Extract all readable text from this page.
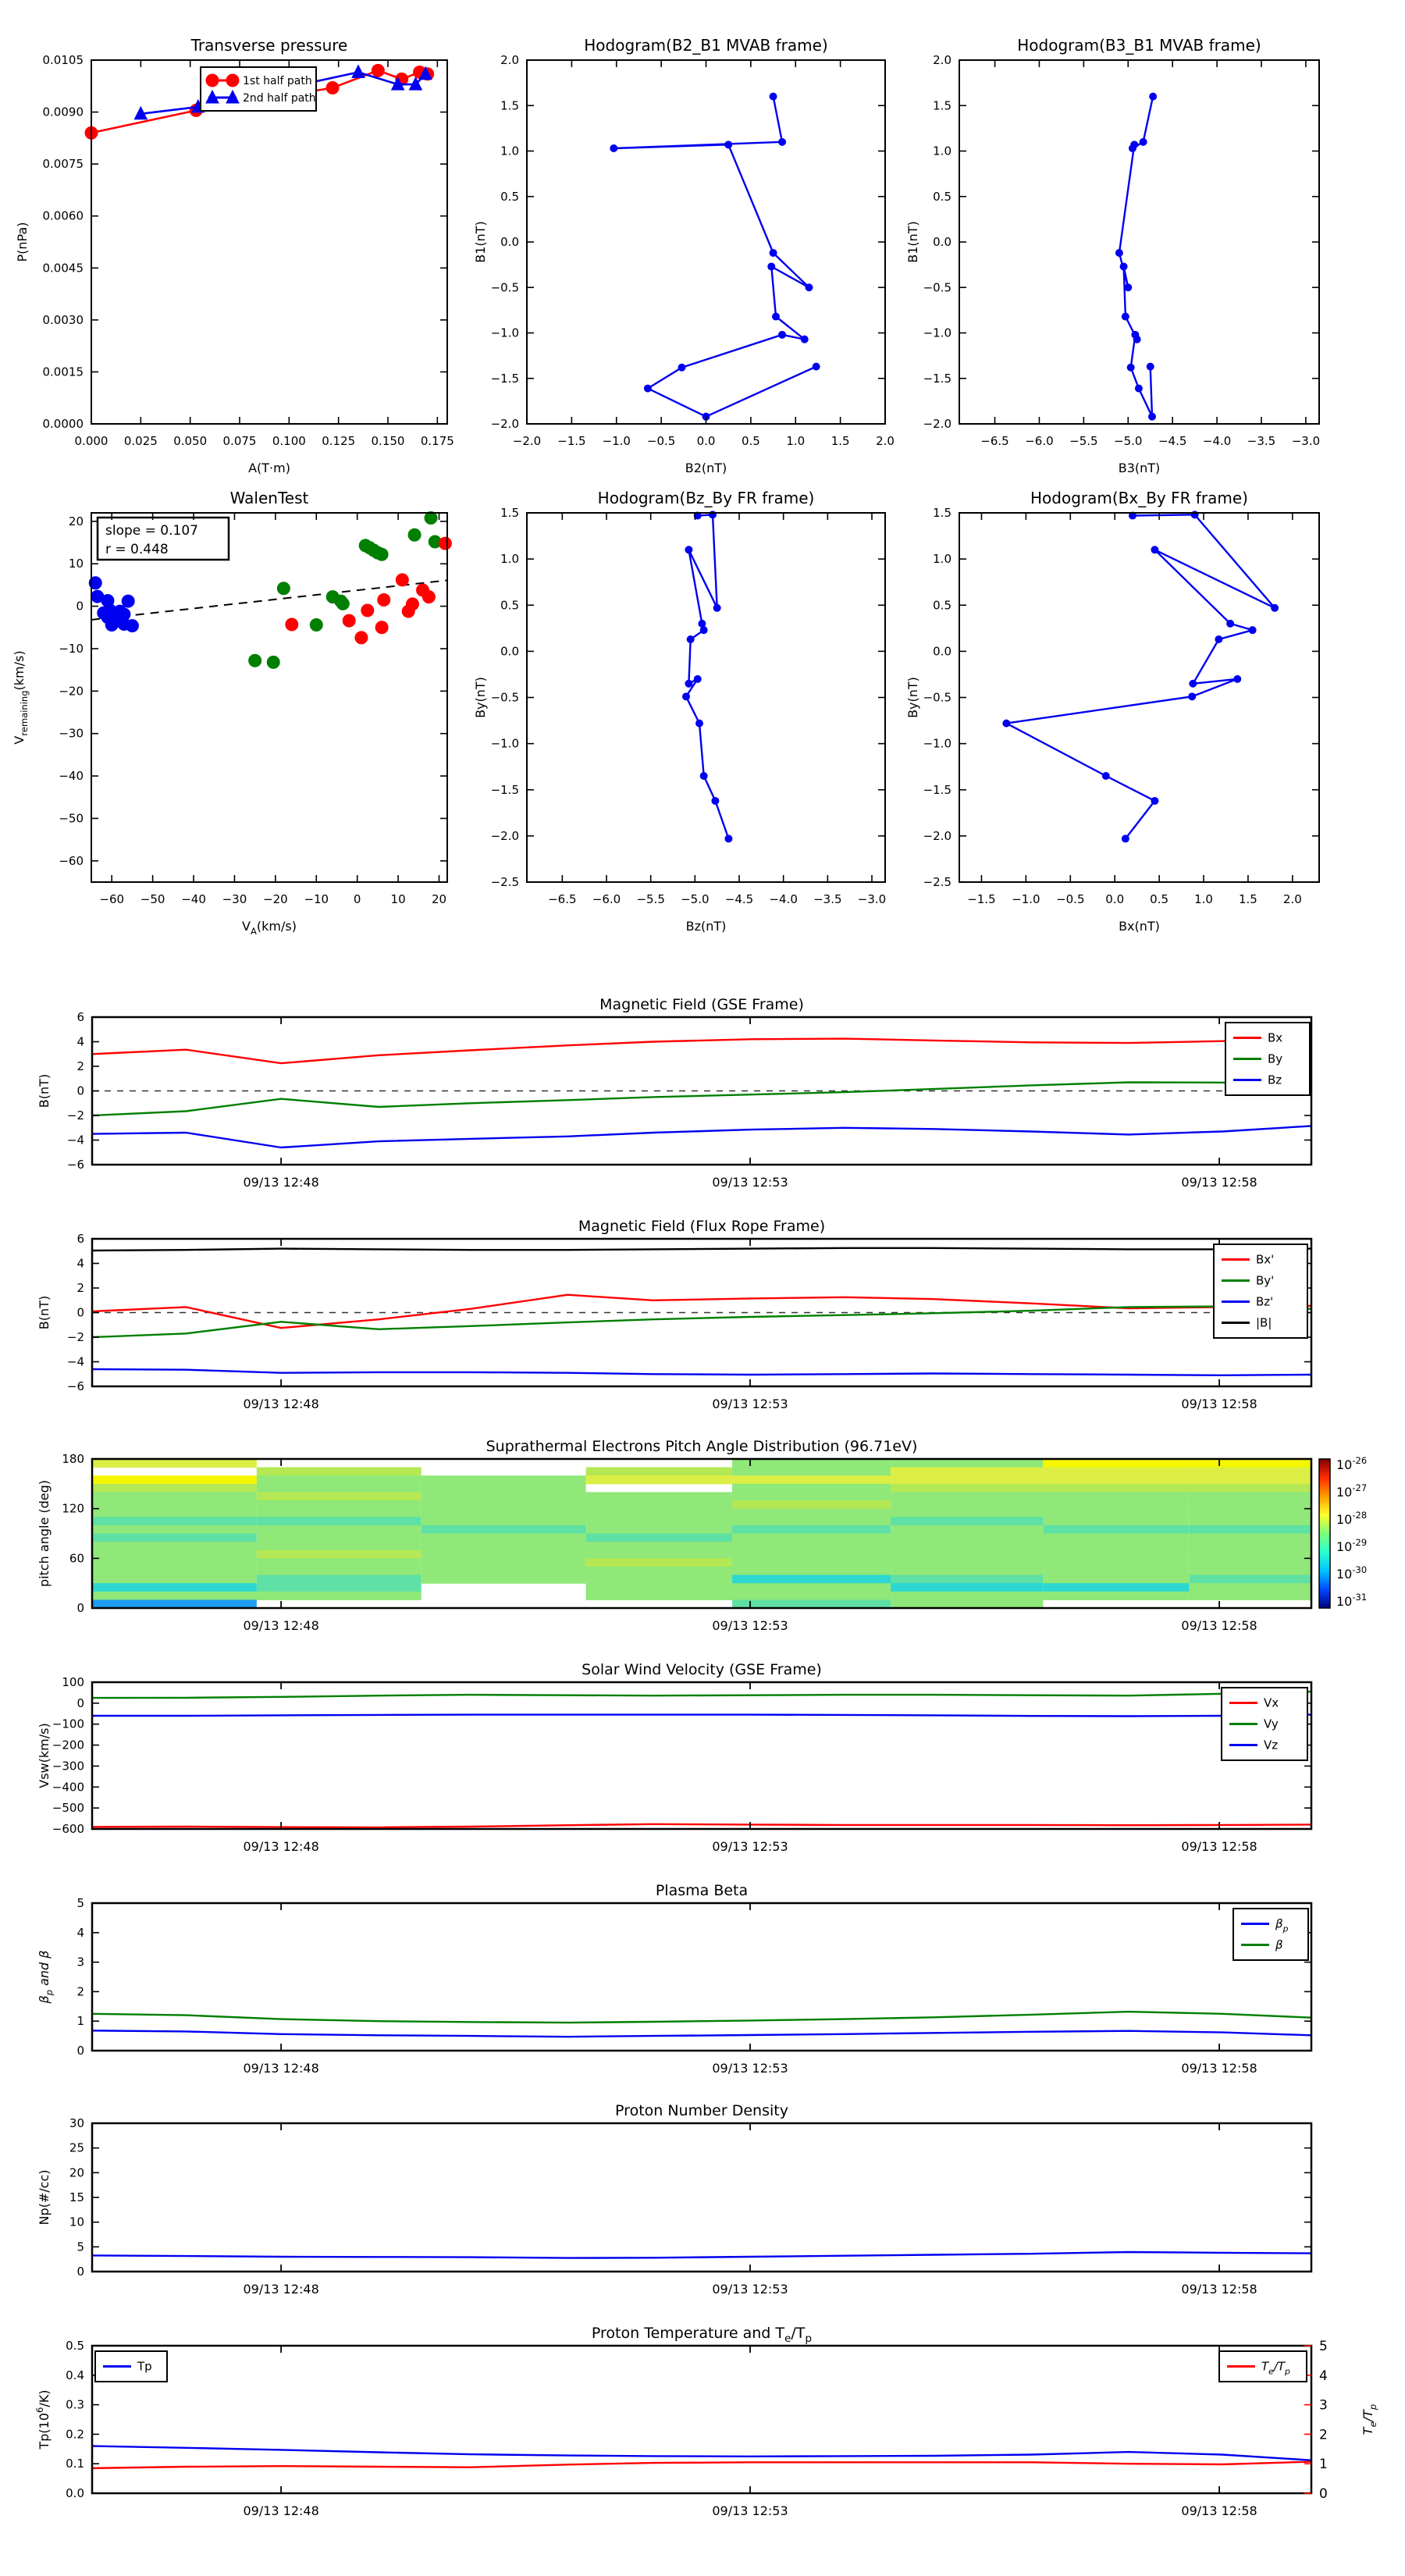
1st half path
2nd half path
0.000 0.025 0.050 0.075 0.100 0.125 0.150 0.175
0.0000
0.0015
0.0030
0.0045
0.0060
0.0075
0.0090
0.0105
A(T·m)
P(nPa)
Transverse pressure
−2.0 −1.5 −1.0 −0.5 0.0 0.5 1.0 1.5 2.0
−2.0
−1.5
−1.0
−0.5
0.0
0.5
1.0
1.5
2.0
B2(nT)
B1(nT)
Hodogram(B2_B1 MVAB frame)
−6.5 −6.0 −5.5 −5.0 −4.5 −4.0 −3.5 −3.0
−2.0
−1.5
−1.0
−0.5
0.0
0.5
1.0
1.5
2.0
B3(nT)
B1(nT)
Hodogram(B3_B1 MVAB frame)
slope = 0.107
r = 0.448
−60 −50 −40 −30 −20 −10 0	10 20
−60
−50
−40
−30
−20
−10
0
10
20
$V_A(km/s)$
$V_{remaining}(km/s)$
WalenTest
−6.5 −6.0 −5.5 −5.0 −4.5 −4.0 −3.5 −3.0
−2.5
−2.0
−1.5
−1.0
−0.5
0.0
0.5
1.0
1.5
Bz(nT)
By(nT)
Hodogram(Bz_By FR frame)
−1.5 −1.0 −0.5 0.0 0.5 1.0 1.5 2.0
−2.5
−2.0
−1.5
−1.0
−0.5
0.0
0.5
1.0
1.5
Bx(nT)
By(nT)
Hodogram(Bx_By FR frame)
−6
−4
−2
0
2
4
6
09/13 12:48	09/13 12:53	09/13 12:58
B(nT)
Magnetic Field (GSE Frame)
Bx
By
Bz
−6
−4
−2
0
2
4
6
09/13 12:48	09/13 12:53	09/13 12:58
B(nT)
Magnetic Field (Flux Rope Frame)
Bx'
By'
Bz'
|B|
0
60
120
180
09/13 12:48	09/13 12:53	09/13 12:58
pitch angle (deg)
Suprathermal Electrons Pitch Angle Distribution (96.71eV)
$10^{-26}$
$10^{-27}$
$10^{-28}$
$10^{-29}$
$10^{-30}$
$10^{-31}$
−600
−500
−400
−300
−200
−100
0
100
09/13 12:48	09/13 12:53	09/13 12:58
Vsw(km/s)
Solar Wind Velocity (GSE Frame)
Vx
Vy
Vz
0
1
2
3
4
5
09/13 12:48	09/13 12:53	09/13 12:58
$\beta_p$ and β
Plasma Beta
$\beta_p$
β
0
5
10
15
20
25
30
09/13 12:48	09/13 12:53	09/13 12:58
Np(#/cc)
Proton Number Density
0.0
0.1
0.2
0.3
0.4
0.5
09/13 12:48	09/13 12:53	09/13 12:58
0
1
2
3
4
5
$T_e/T_p$
$Tp(10^6/K)$
Proton Temperature and $T_e/T_p$
Tp	$T_e/T_p$
